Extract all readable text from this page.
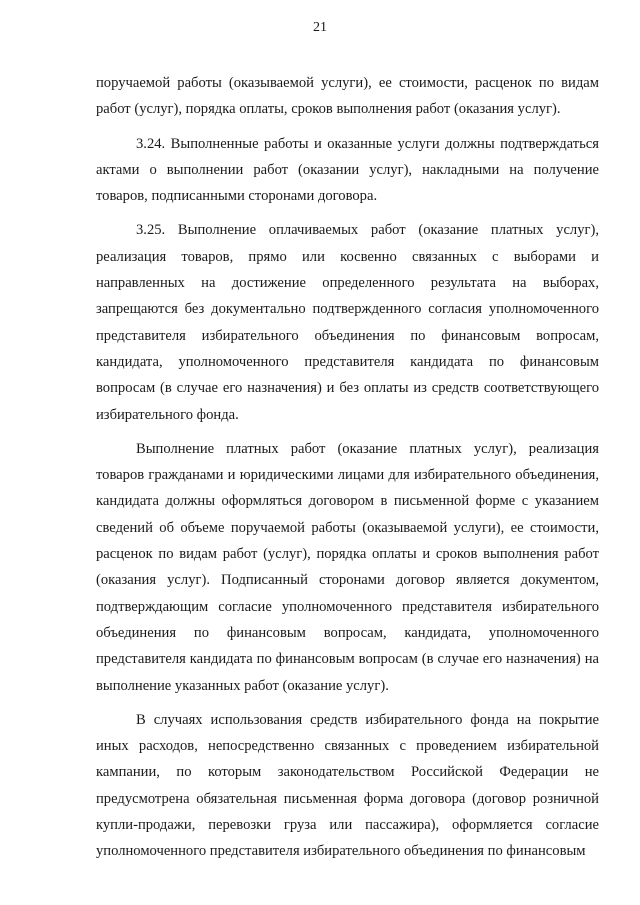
21

поручаемой работы (оказываемой услуги), ее стоимости, расценок по видам работ (услуг), порядка оплаты, сроков выполнения работ (оказания услуг).

3.24. Выполненные работы и оказанные услуги должны подтверждаться актами о выполнении работ (оказании услуг), накладными на получение товаров, подписанными сторонами договора.

3.25. Выполнение оплачиваемых работ (оказание платных услуг), реализация товаров, прямо или косвенно связанных с выборами и направленных на достижение определенного результата на выборах, запрещаются без документально подтвержденного согласия уполномоченного представителя избирательного объединения по финансовым вопросам, кандидата, уполномоченного представителя кандидата по финансовым вопросам (в случае его назначения) и без оплаты из средств соответствующего избирательного фонда.

Выполнение платных работ (оказание платных услуг), реализация товаров гражданами и юридическими лицами для избирательного объединения, кандидата должны оформляться договором в письменной форме с указанием сведений об объеме поручаемой работы (оказываемой услуги), ее стоимости, расценок по видам работ (услуг), порядка оплаты и сроков выполнения работ (оказания услуг). Подписанный сторонами договор является документом, подтверждающим согласие уполномоченного представителя избирательного объединения по финансовым вопросам, кандидата, уполномоченного представителя кандидата по финансовым вопросам (в случае его назначения) на выполнение указанных работ (оказание услуг).

В случаях использования средств избирательного фонда на покрытие иных расходов, непосредственно связанных с проведением избирательной кампании, по которым законодательством Российской Федерации не предусмотрена обязательная письменная форма договора (договор розничной купли-продажи, перевозки груза или пассажира), оформляется согласие уполномоченного представителя избирательного объединения по финансовым
